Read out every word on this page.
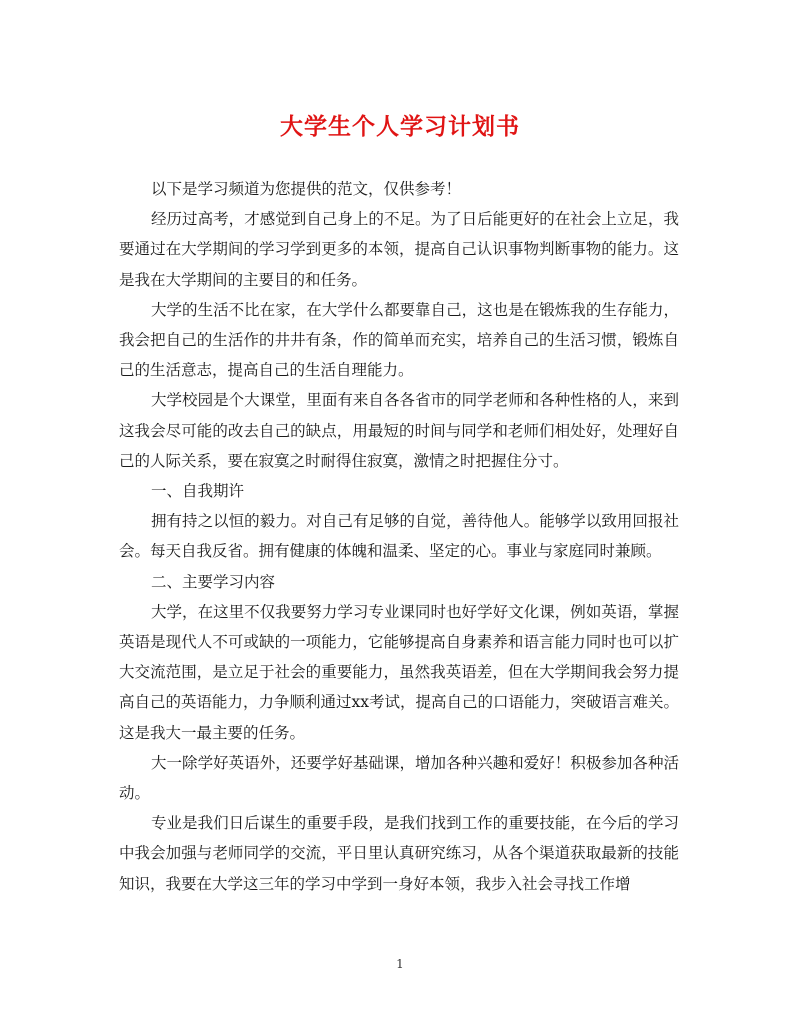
大学生个人学习计划书

以下是学习频道为您提供的范文，仅供参考！

经历过高考，才感觉到自己身上的不足。为了日后能更好的在社会上立足，我要通过在大学期间的学习学到更多的本领，提高自己认识事物判断事物的能力。这是我在大学期间的主要目的和任务。

大学的生活不比在家，在大学什么都要靠自己，这也是在锻炼我的生存能力，我会把自己的生活作的井井有条，作的简单而充实，培养自己的生活习惯，锻炼自己的生活意志，提高自己的生活自理能力。

大学校园是个大课堂，里面有来自各各省市的同学老师和各种性格的人，来到这我会尽可能的改去自己的缺点，用最短的时间与同学和老师们相处好，处理好自己的人际关系，要在寂寞之时耐得住寂寞，激情之时把握住分寸。

一、自我期许

拥有持之以恒的毅力。对自己有足够的自觉，善待他人。能够学以致用回报社会。每天自我反省。拥有健康的体魄和温柔、坚定的心。事业与家庭同时兼顾。

二、主要学习内容

大学，在这里不仅我要努力学习专业课同时也好学好文化课，例如英语，掌握英语是现代人不可或缺的一项能力，它能够提高自身素养和语言能力同时也可以扩大交流范围，是立足于社会的重要能力，虽然我英语差，但在大学期间我会努力提高自己的英语能力，力争顺利通过xx考试，提高自己的口语能力，突破语言难关。这是我大一最主要的任务。

大一除学好英语外，还要学好基础课，增加各种兴趣和爱好！积极参加各种活动。

专业是我们日后谋生的重要手段，是我们找到工作的重要技能，在今后的学习中我会加强与老师同学的交流，平日里认真研究练习，从各个渠道获取最新的技能知识，我要在大学这三年的学习中学到一身好本领，我步入社会寻找工作增

1
